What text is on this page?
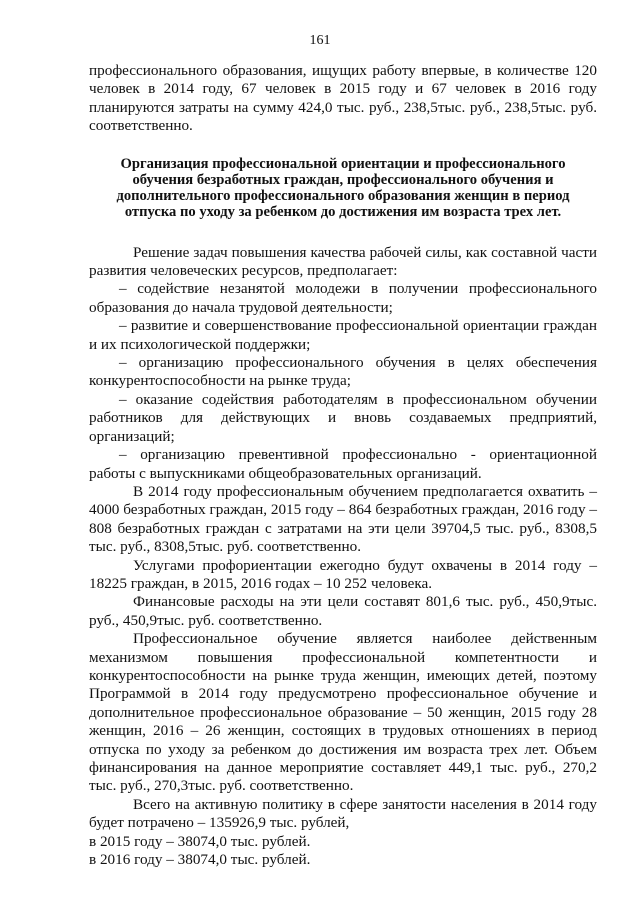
161

профессионального образования, ищущих работу впервые, в количестве 120 человек в 2014 году, 67 человек в 2015 году и 67 человек в 2016 году планируются затраты на сумму 424,0 тыс. руб., 238,5тыс. руб., 238,5тыс. руб. соответственно.

Организация профессиональной ориентации и профессионального
обучения безработных граждан, профессионального обучения и
дополнительного профессионального образования женщин в период
отпуска по уходу за ребенком до достижения им возраста трех лет.

Решение задач повышения качества рабочей силы, как составной части развития человеческих ресурсов, предполагает:

– содействие незанятой молодежи в получении профессионального образования до начала трудовой деятельности;

– развитие и совершенствование профессиональной ориентации граждан и их психологической поддержки;

– организацию профессионального обучения в целях обеспечения конкурентоспособности на рынке труда;

– оказание содействия работодателям в профессиональном обучении работников для действующих и вновь создаваемых предприятий, организаций;

– организацию превентивной профессионально - ориентационной работы с выпускниками общеобразовательных организаций.

В 2014 году профессиональным обучением предполагается охватить – 4000 безработных граждан, 2015 году – 864 безработных граждан, 2016 году – 808 безработных граждан с затратами на эти цели 39704,5 тыс. руб., 8308,5 тыс. руб., 8308,5тыс. руб. соответственно.

Услугами профориентации ежегодно будут охвачены в 2014 году – 18225 граждан, в 2015, 2016 годах – 10 252 человека.

Финансовые расходы на эти цели составят 801,6 тыс. руб., 450,9тыс. руб., 450,9тыс. руб. соответственно.

Профессиональное обучение является наиболее действенным механизмом повышения профессиональной компетентности и конкурентоспособности на рынке труда женщин, имеющих детей, поэтому Программой в 2014 году предусмотрено профессиональное обучение и дополнительное профессиональное образование – 50 женщин, 2015 году 28 женщин, 2016 – 26 женщин, состоящих в трудовых отношениях в период отпуска по уходу за ребенком до достижения им возраста трех лет. Объем финансирования на данное мероприятие составляет 449,1 тыс. руб., 270,2 тыс. руб., 270,3тыс. руб. соответственно.

Всего на активную политику в сфере занятости населения в 2014 году будет потрачено – 135926,9 тыс. рублей,

в 2015 году – 38074,0 тыс. рублей.

в 2016 году – 38074,0 тыс. рублей.
